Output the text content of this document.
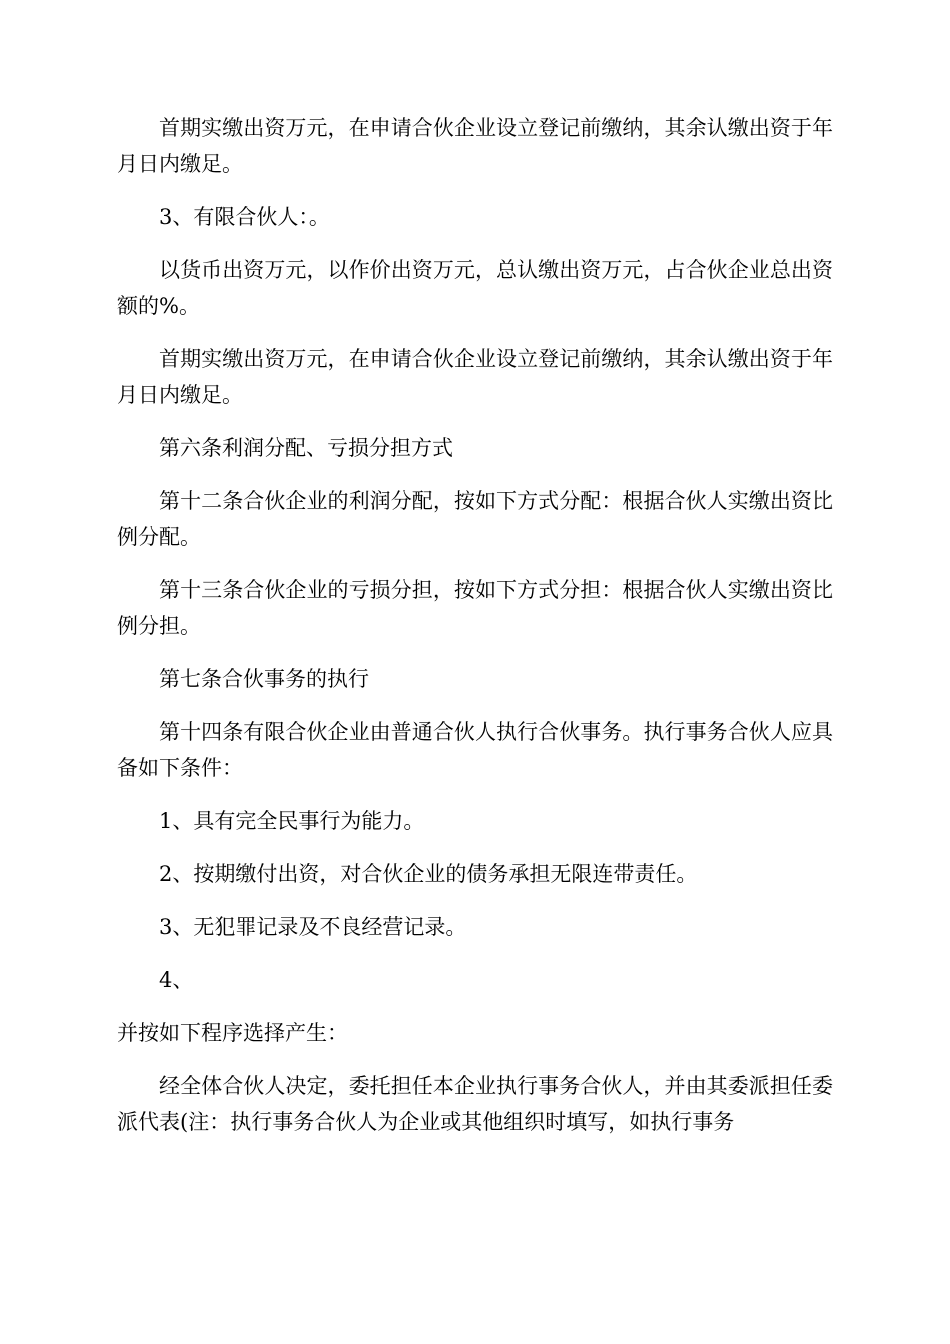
首期实缴出资万元，在申请合伙企业设立登记前缴纳，其余认缴出资于年月日内缴足。

3、有限合伙人：。

以货币出资万元，以作价出资万元，总认缴出资万元，占合伙企业总出资额的%。

首期实缴出资万元，在申请合伙企业设立登记前缴纳，其余认缴出资于年月日内缴足。

第六条利润分配、亏损分担方式

第十二条合伙企业的利润分配，按如下方式分配：根据合伙人实缴出资比例分配。

第十三条合伙企业的亏损分担，按如下方式分担：根据合伙人实缴出资比例分担。

第七条合伙事务的执行

第十四条有限合伙企业由普通合伙人执行合伙事务。执行事务合伙人应具备如下条件：

1、具有完全民事行为能力。

2、按期缴付出资，对合伙企业的债务承担无限连带责任。

3、无犯罪记录及不良经营记录。

4、

并按如下程序选择产生：

经全体合伙人决定，委托担任本企业执行事务合伙人，并由其委派担任委派代表(注：执行事务合伙人为企业或其他组织时填写，如执行事务
